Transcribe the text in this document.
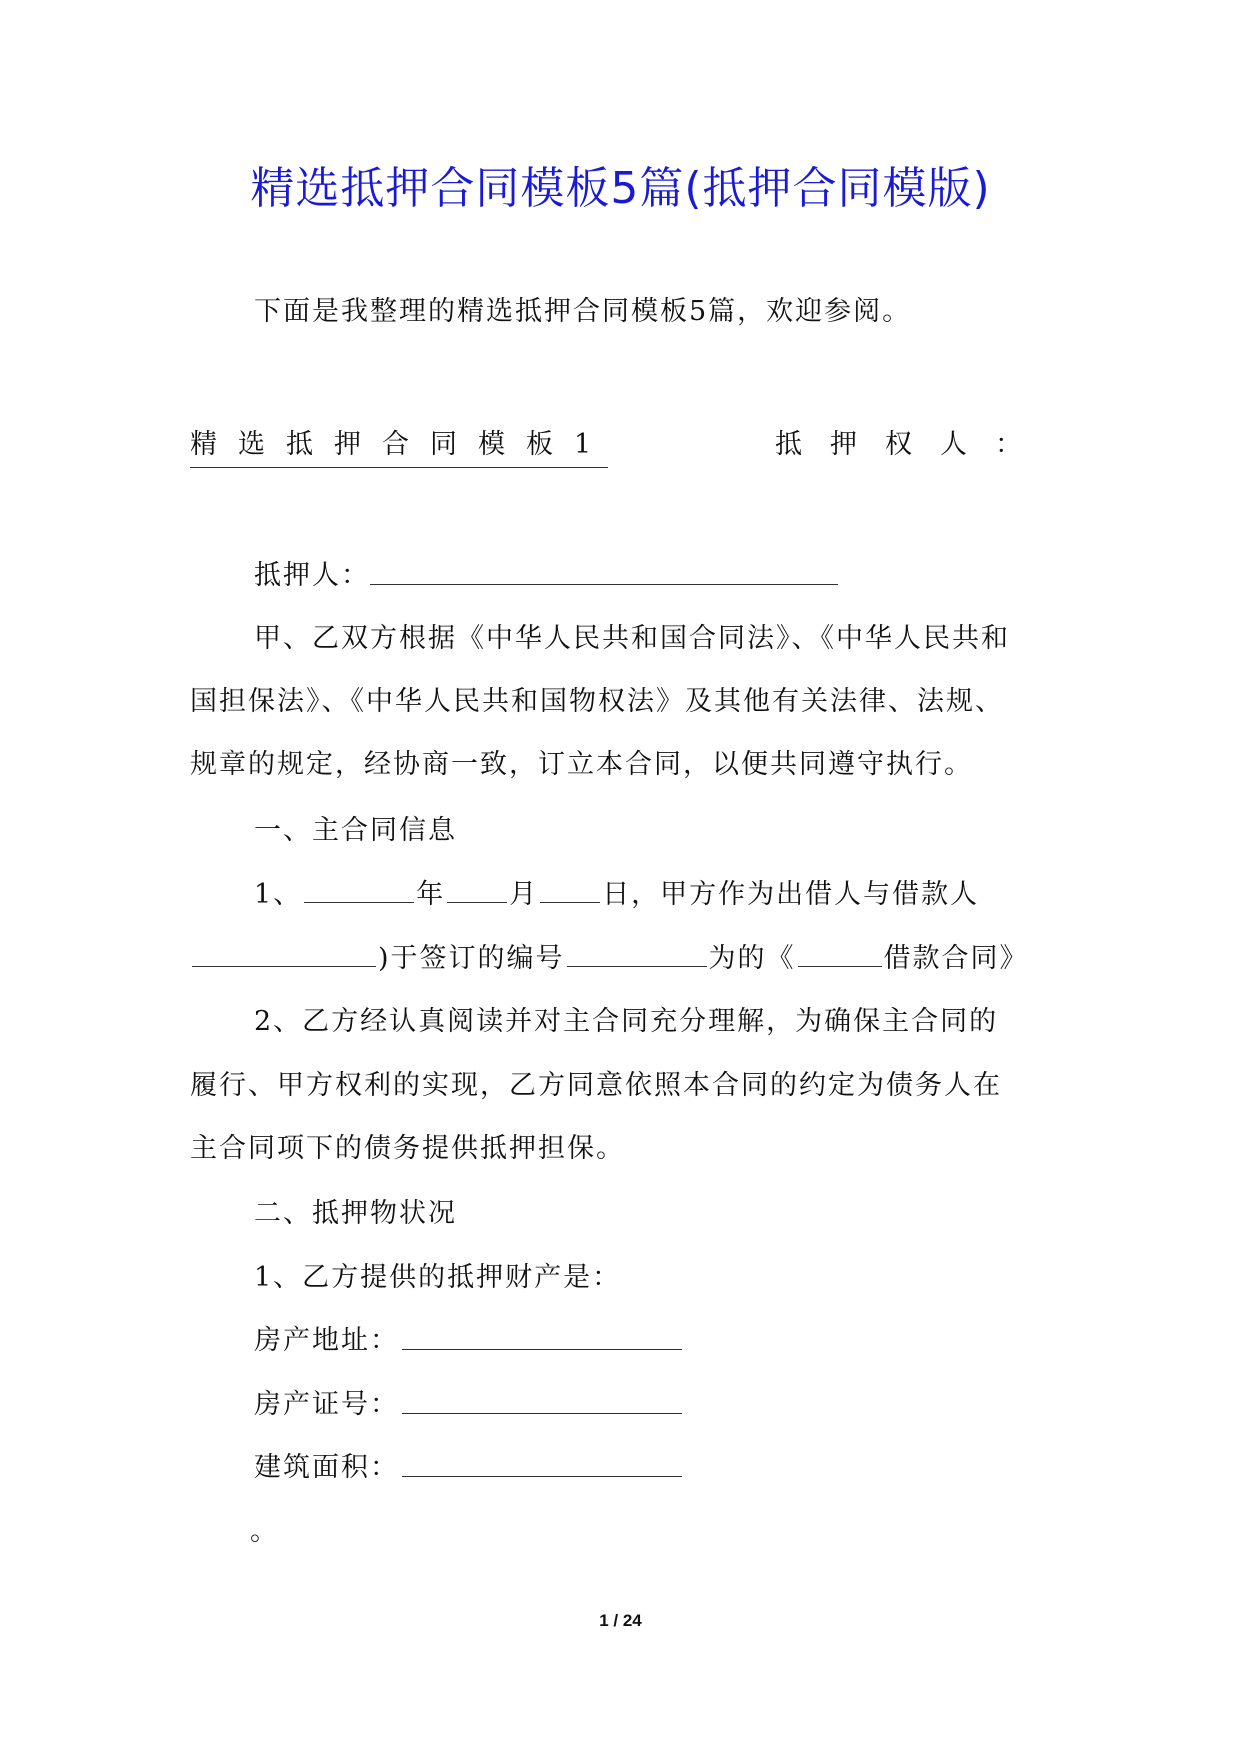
精选抵押合同模板5篇(抵押合同模版)
下面是我整理的精选抵押合同模板5篇，欢迎参阅。
精选抵押合同模板1	抵押权人：
抵押人：
甲、乙双方根据《中华人民共和国合同法》、《中华人民共和
国担保法》、《中华人民共和国物权法》及其他有关法律、法规、
规章的规定，经协商一致，订立本合同，以便共同遵守执行。
一、主合同信息
1、	年 月 日，甲方作为出借人与借款人
)于签订的编号	为的《	借款合同》
2、乙方经认真阅读并对主合同充分理解，为确保主合同的
履行、甲方权利的实现，乙方同意依照本合同的约定为债务人在
主合同项下的债务提供抵押担保。
二、抵押物状况
1、乙方提供的抵押财产是：
房产地址：
房产证号：
建筑面积：
。
1 / 24
